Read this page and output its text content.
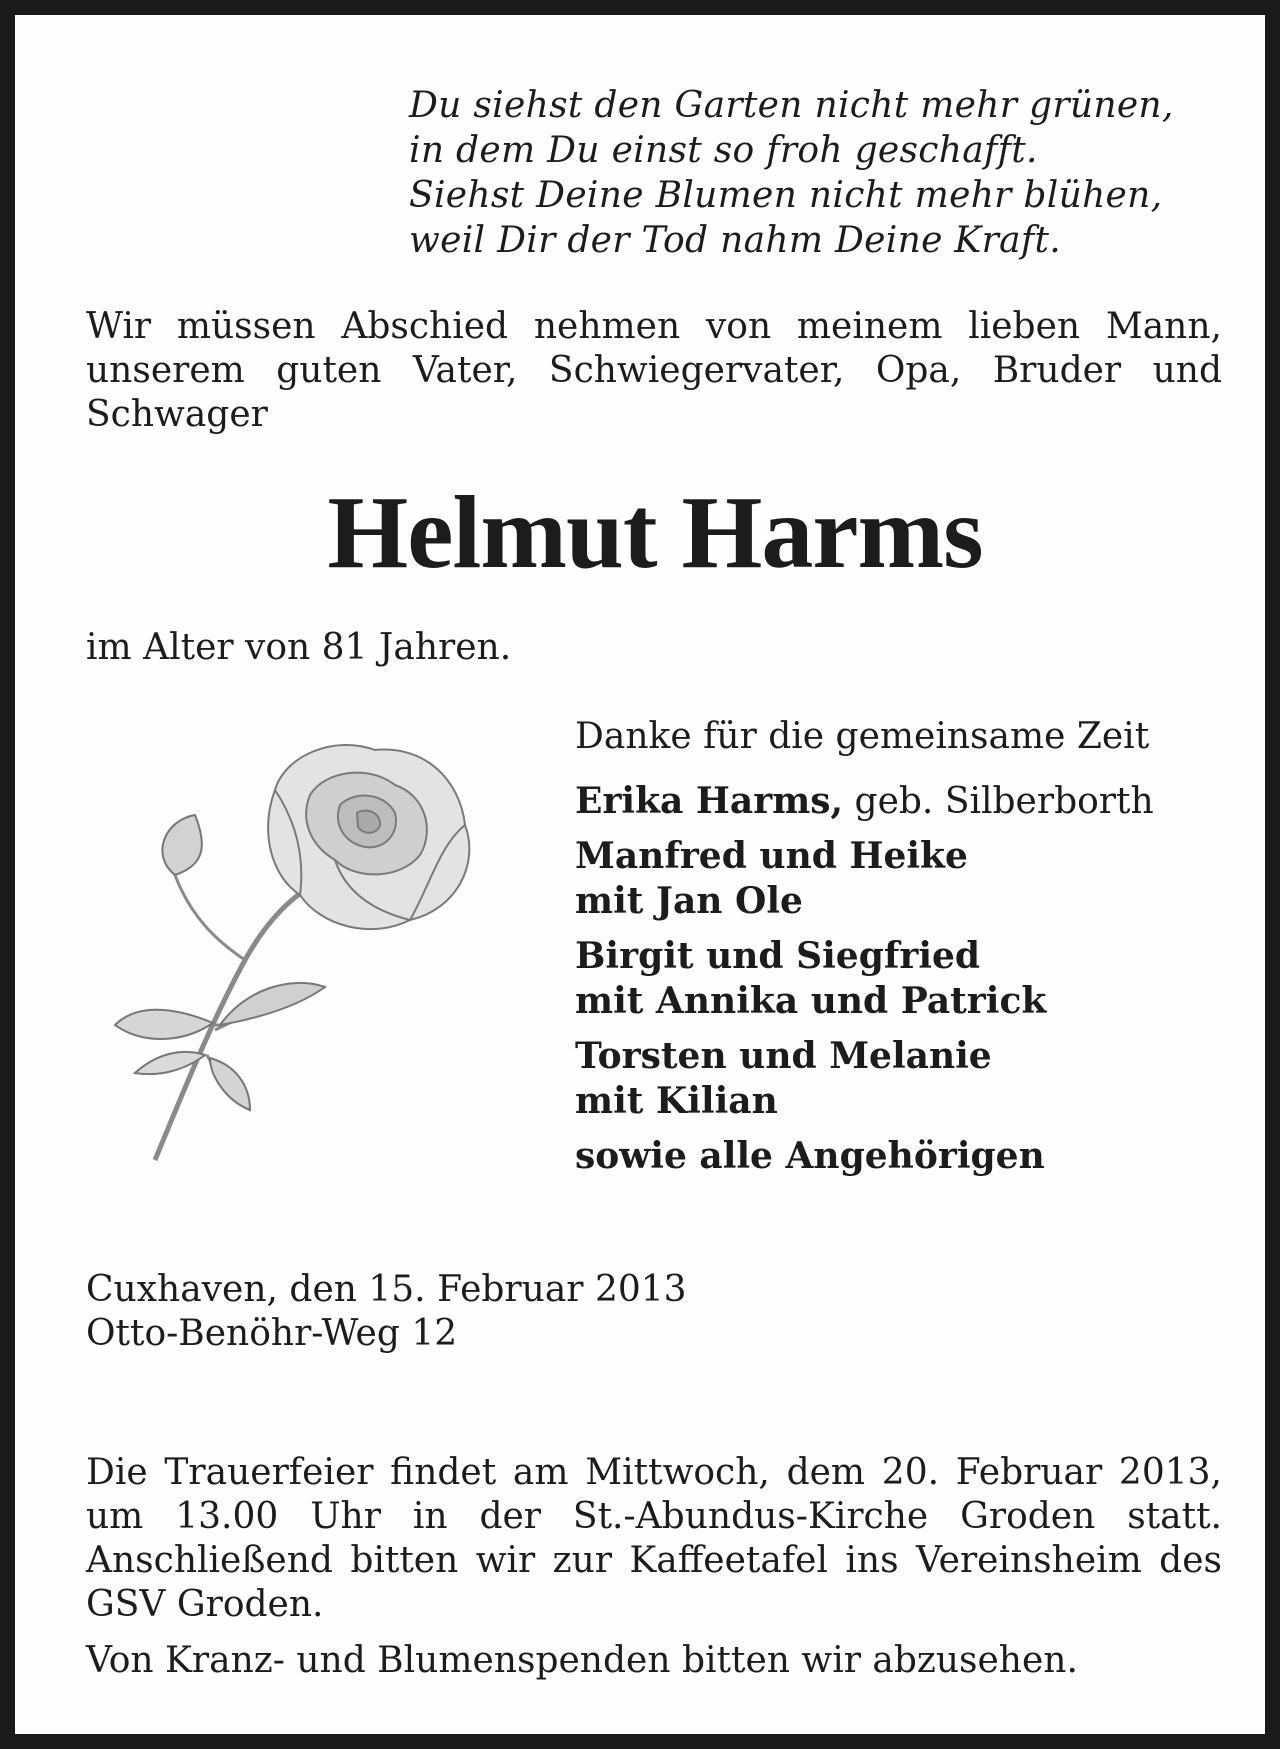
Du siehst den Garten nicht mehr grünen,
in dem Du einst so froh geschafft.
Siehst Deine Blumen nicht mehr blühen,
weil Dir der Tod nahm Deine Kraft.
Wir müssen Abschied nehmen von meinem lieben Mann, unserem guten Vater, Schwiegervater, Opa, Bruder und Schwager
Helmut Harms
im Alter von 81 Jahren.
Danke für die gemeinsame Zeit
Erika Harms, geb. Silberborth
Manfred und Heike
mit Jan Ole
Birgit und Siegfried
mit Annika und Patrick
Torsten und Melanie
mit Kilian
sowie alle Angehörigen
Cuxhaven, den 15. Februar 2013
Otto-Benöhr-Weg 12
Die Trauerfeier findet am Mittwoch, dem 20. Februar 2013, um 13.00 Uhr in der St.-Abundus-Kirche Groden statt. Anschließend bitten wir zur Kaffeetafel ins Vereinsheim des GSV Groden.
Von Kranz- und Blumenspenden bitten wir abzusehen.
